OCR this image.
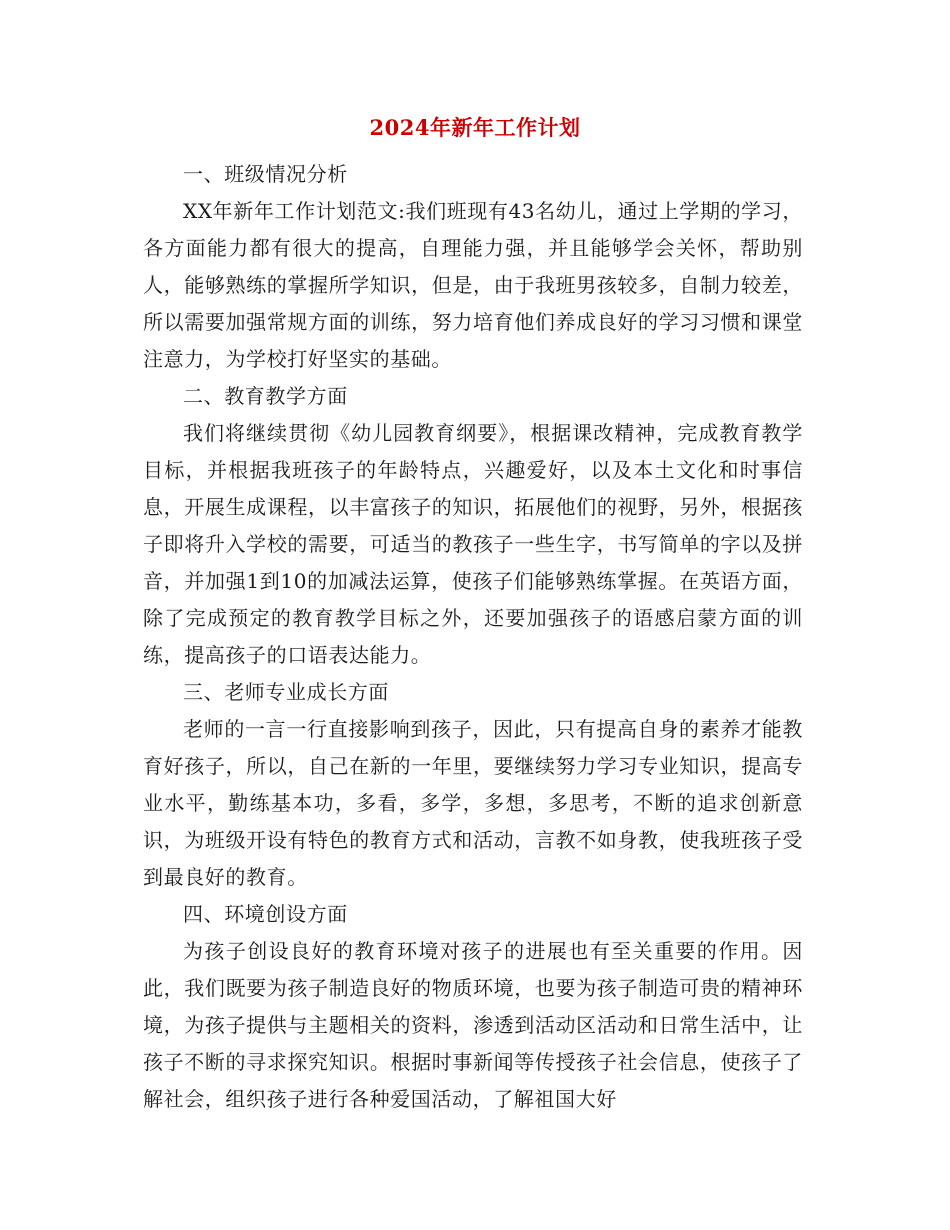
2024年新年工作计划

一、班级情况分析

XX年新年工作计划范文:我们班现有43名幼儿，通过上学期的学习，各方面能力都有很大的提高，自理能力强，并且能够学会关怀，帮助别人，能够熟练的掌握所学知识，但是，由于我班男孩较多，自制力较差，所以需要加强常规方面的训练，努力培育他们养成良好的学习习惯和课堂注意力，为学校打好坚实的基础。

二、教育教学方面

我们将继续贯彻《幼儿园教育纲要》，根据课改精神，完成教育教学目标，并根据我班孩子的年龄特点，兴趣爱好，以及本土文化和时事信息，开展生成课程，以丰富孩子的知识，拓展他们的视野，另外，根据孩子即将升入学校的需要，可适当的教孩子一些生字，书写简单的字以及拼音，并加强1到10的加减法运算，使孩子们能够熟练掌握。在英语方面，除了完成预定的教育教学目标之外，还要加强孩子的语感启蒙方面的训练，提高孩子的口语表达能力。

三、老师专业成长方面

老师的一言一行直接影响到孩子，因此，只有提高自身的素养才能教育好孩子，所以，自己在新的一年里，要继续努力学习专业知识，提高专业水平，勤练基本功，多看，多学，多想，多思考，不断的追求创新意识，为班级开设有特色的教育方式和活动，言教不如身教，使我班孩子受到最良好的教育。

四、环境创设方面

为孩子创设良好的教育环境对孩子的进展也有至关重要的作用。因此，我们既要为孩子制造良好的物质环境，也要为孩子制造可贵的精神环境，为孩子提供与主题相关的资料，渗透到活动区活动和日常生活中，让孩子不断的寻求探究知识。根据时事新闻等传授孩子社会信息，使孩子了解社会，组织孩子进行各种爱国活动，了解祖国大好
